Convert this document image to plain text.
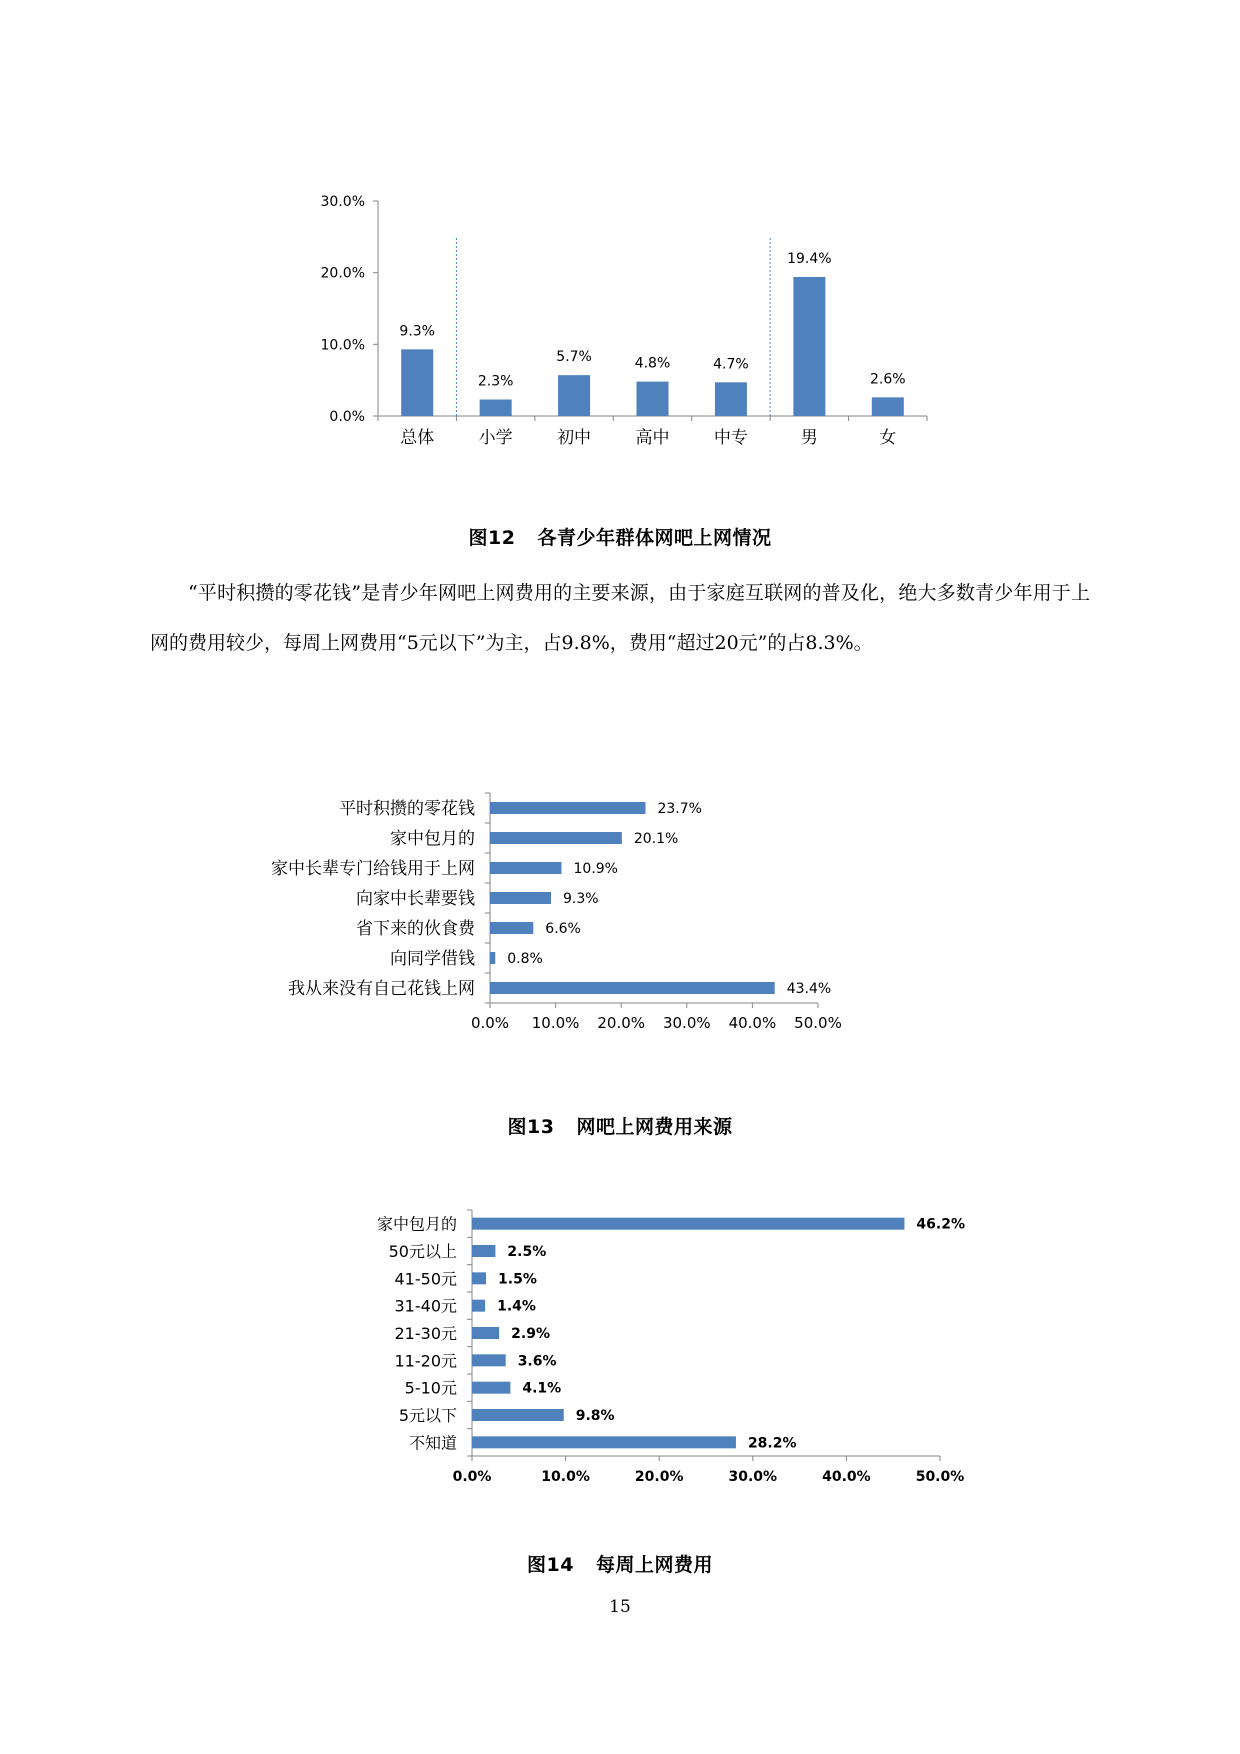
0.0%
10.0%
20.0%
30.0%
9.3%
总体
2.3%
小学
5.7%
初中
4.8%
高中
4.7%
中专
19.4%
男
2.6%
女
图12 各青少年群体网吧上网情况

“平时积攒的零花钱”是青少年网吧上网费用的主要来源，由于家庭互联网的普及化，绝大多数青少年用于上网的费用较少，每周上网费用“5元以下”为主，占9.8%，费用“超过20元”的占8.3%。

0.0% 10.0% 20.0% 30.0% 40.0% 50.0%
23.7%
平时积攒的零花钱
20.1%
家中包月的
10.9%
家中长辈专门给钱用于上网
9.3%
向家中长辈要钱
6.6%
省下来的伙食费
0.8%
向同学借钱
43.4%
我从来没有自己花钱上网
图13 网吧上网费用来源
0.0%	10.0%	20.0%	30.0%	40.0%	50.0%
46.2%
家中包月的
2.5%
50元以上
1.5%
41-50元
1.4%
31-40元
2.9%
21-30元
3.6%
11-20元
4.1%
5-10元
9.8%
5元以下
28.2%
不知道
图14 每周上网费用
15
